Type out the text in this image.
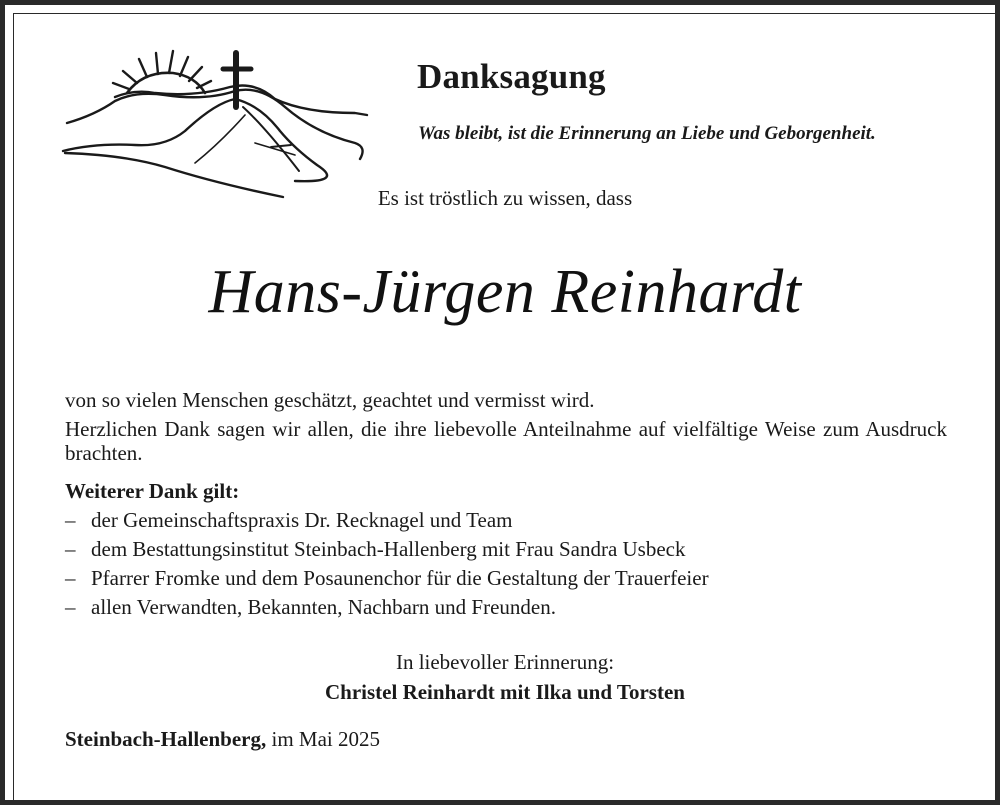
Danksagung
Was bleibt, ist die Erinnerung an Liebe und Geborgenheit.
Es ist tröstlich zu wissen, dass
Hans-Jürgen Reinhardt
von so vielen Menschen geschätzt, geachtet und vermisst wird.
Herzlichen Dank sagen wir allen, die ihre liebevolle Anteilnahme auf vielfältige Weise zum Ausdruck brachten.
Weiterer Dank gilt:
– der Gemeinschaftspraxis Dr. Recknagel und Team
– dem Bestattungsinstitut Steinbach-Hallenberg mit Frau Sandra Usbeck
– Pfarrer Fromke und dem Posaunenchor für die Gestaltung der Trauerfeier
– allen Verwandten, Bekannten, Nachbarn und Freunden.
In liebevoller Erinnerung:
Christel Reinhardt mit Ilka und Torsten
Steinbach-Hallenberg, im Mai 2025
